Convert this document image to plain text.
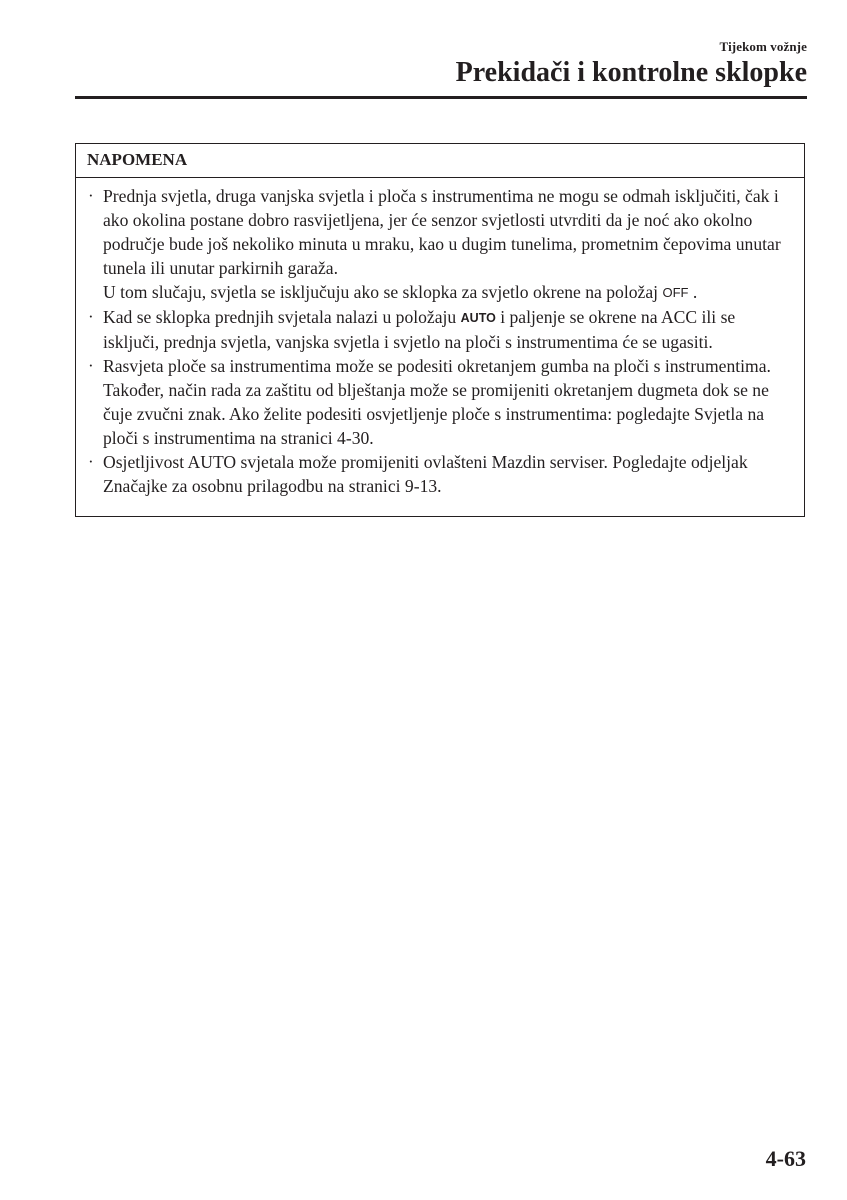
Tijekom vožnje
Prekidači i kontrolne sklopke
NAPOMENA
· Prednja svjetla, druga vanjska svjetla i ploča s instrumentima ne mogu se odmah isključiti, čak i ako okolina postane dobro rasvijetljena, jer će senzor svjetlosti utvrditi da je noć ako okolno područje bude još nekoliko minuta u mraku, kao u dugim tunelima, prometnim čepovima unutar tunela ili unutar parkirnih garaža.
U tom slučaju, svjetla se isključuju ako se sklopka za svjetlo okrene na položaj OFF .
· Kad se sklopka prednjih svjetala nalazi u položaju AUTO i paljenje se okrene na ACC ili se isključi, prednja svjetla, vanjska svjetla i svjetlo na ploči s instrumentima će se ugasiti.
· Rasvjeta ploče sa instrumentima može se podesiti okretanjem gumba na ploči s instrumentima. Također, način rada za zaštitu od blještanja može se promijeniti okretanjem dugmeta dok se ne čuje zvučni znak. Ako želite podesiti osvjetljenje ploče s instrumentima: pogledajte Svjetla na ploči s instrumentima na stranici 4-30.
· Osjetljivost AUTO svjetala može promijeniti ovlašteni Mazdin serviser. Pogledajte odjeljak Značajke za osobnu prilagodbu na stranici 9-13.
4-63
